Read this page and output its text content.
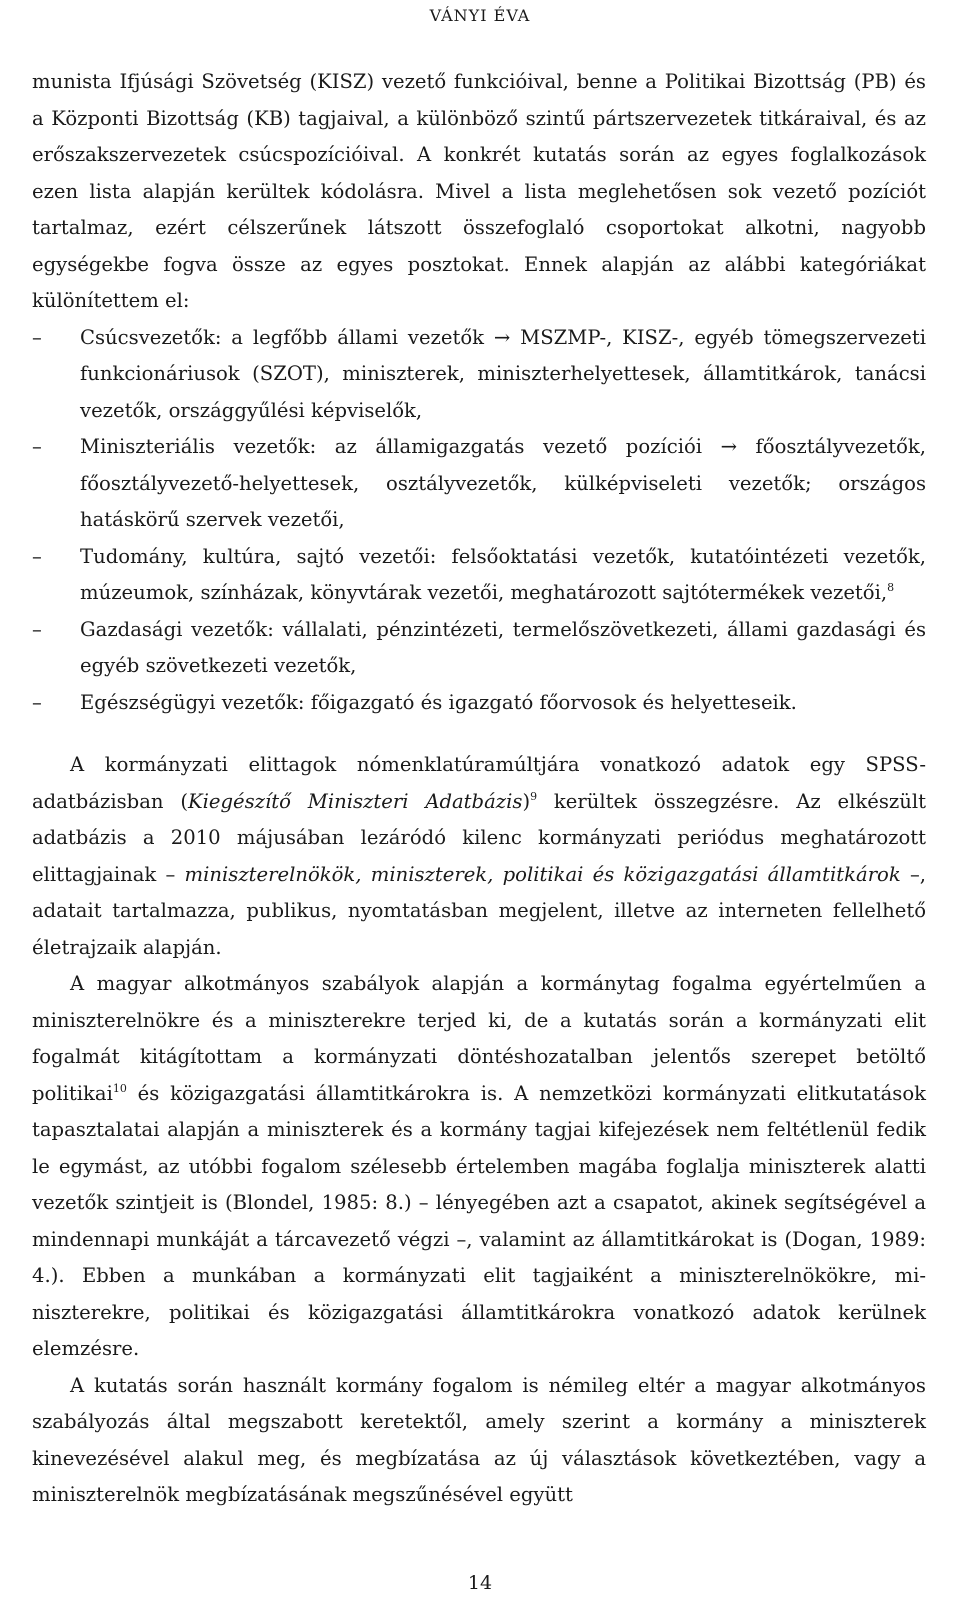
VÁNYI ÉVA

munista Ifjúsági Szövetség (KISZ) vezető funkcióival, benne a Politikai Bizottság (PB) és a Központi Bizottság (KB) tagjaival, a különböző szintű pártszervezetek titkáraival, és az erőszakszervezetek csúcspozícióival. A konkrét kutatás során az egyes foglalkozások ezen lista alapján kerültek kódolásra. Mivel a lista meglehetősen sok vezető pozíciót tartalmaz, ezért célszerűnek látszott összefoglaló csoportokat alkotni, nagyobb egységekbe fogva össze az egyes posztokat. Ennek alapján az alábbi kategóriákat különítettem el:

– Csúcsvezetők: a legfőbb állami vezetők → MSZMP-, KISZ-, egyéb tömegszervezeti funkcionáriusok (SZOT), miniszterek, miniszterhelyettesek, államtitkárok, tanácsi vezetők, országgyűlési képviselők,
– Miniszteriális vezetők: az államigazgatás vezető pozíciói → főosztályvezetők, főosztályvezető-helyettesek, osztályvezetők, külképviseleti vezetők; országos hatáskörű szervek vezetői,
– Tudomány, kultúra, sajtó vezetői: felsőoktatási vezetők, kutatóintézeti vezetők, múzeumok, színházak, könyvtárak vezetői, meghatározott sajtótermékek vezetői,$^8$
– Gazdasági vezetők: vállalati, pénzintézeti, termelőszövetkezeti, állami gazdasági és egyéb szövetkezeti vezetők,
– Egészségügyi vezetők: főigazgató és igazgató főorvosok és helyetteseik.

A kormányzati elittagok nómenklatúramúltjára vonatkozó adatok egy SPSS-adatbázisban (Kiegészítő Miniszteri Adatbázis)$^9$ kerültek összegzésre. Az elkészült adatbázis a 2010 májusában lezáródó kilenc kormányzati periódus meghatározott elittagjainak – miniszterelnökök, miniszterek, politikai és közigazgatási államtitkárok –, adatait tartalmazza, publikus, nyomtatásban megjelent, illetve az interneten fellelhető életrajzaik alapján.

A magyar alkotmányos szabályok alapján a kormánytag fogalma egyértelműen a miniszterelnökre és a miniszterekre terjed ki, de a kutatás során a kormányzati elit fogalmát kitágítottam a kormányzati döntéshozatalban jelentős szerepet betöltő politikai$^{10}$ és közigazgatási államtitkárokra is. A nemzetközi kormányzati elitkutatások tapasztalatai alapján a miniszterek és a kormány tagjai kifejezések nem feltétlenül fedik le egymást, az utóbbi fogalom szélesebb értelemben magába foglalja miniszterek alatti vezetők szintjeit is (Blondel, 1985: 8.) – lényegében azt a csapatot, akinek segítségével a mindennapi munkáját a tárcavezető végzi –, valamint az államtitkárokat is (Dogan, 1989: 4.). Ebben a munkában a kormányzati elit tagjaiként a miniszterelnökökre, miniszterekre, politikai és közigazgatási államtitkárokra vonatkozó adatok kerülnek elemzésre.

A kutatás során használt kormány fogalom is némileg eltér a magyar alkotmányos szabályozás által megszabott keretektől, amely szerint a kormány a miniszterek kinevezésével alakul meg, és megbízatása az új választások következtében, vagy a miniszterelnök megbízatásának megszűnésével együtt

14
